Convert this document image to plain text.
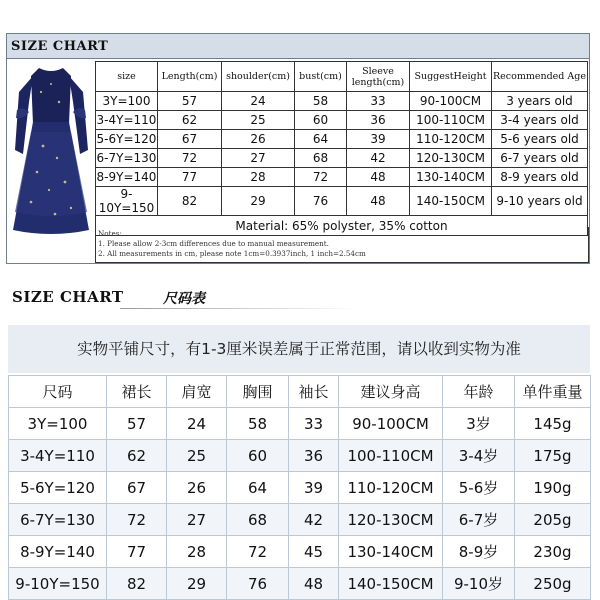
SIZE CHART
size	Length(cm)	shoulder(cm)	bust(cm)	Sleeve length(cm)	SuggestHeight	Recommended Age
3Y=100	57	24	58	33	90-100CM	3 years old
3-4Y=110	62	25	60	36	100-110CM	3-4 years old
5-6Y=120	67	26	64	39	110-120CM	5-6 years old
6-7Y=130	72	27	68	42	120-130CM	6-7 years old
8-9Y=140	77	28	72	48	130-140CM	8-9 years old
9-10Y=150	82	29	76	48	140-150CM	9-10 years old
Material: 65% polyster, 35% cotton						
Notes:
1. Please allow 2-3cm differences due to manual measurement.
2. All measurements in cm, please note 1cm=0.3937inch, 1 inch=2.54cm
SIZE CHART	尺码表
实物平铺尺寸，有1-3厘米误差属于正常范围，请以收到实物为准
尺码	裙长	肩宽	胸围	袖长	建议身高	年龄	单件重量
3Y=100	57	24	58	33	90-100CM	3岁	145g
3-4Y=110	62	25	60	36	100-110CM	3-4岁	175g
5-6Y=120	67	26	64	39	110-120CM	5-6岁	190g
6-7Y=130	72	27	68	42	120-130CM	6-7岁	205g
8-9Y=140	77	28	72	45	130-140CM	8-9岁	230g
9-10Y=150	82	29	76	48	140-150CM	9-10岁	250g
